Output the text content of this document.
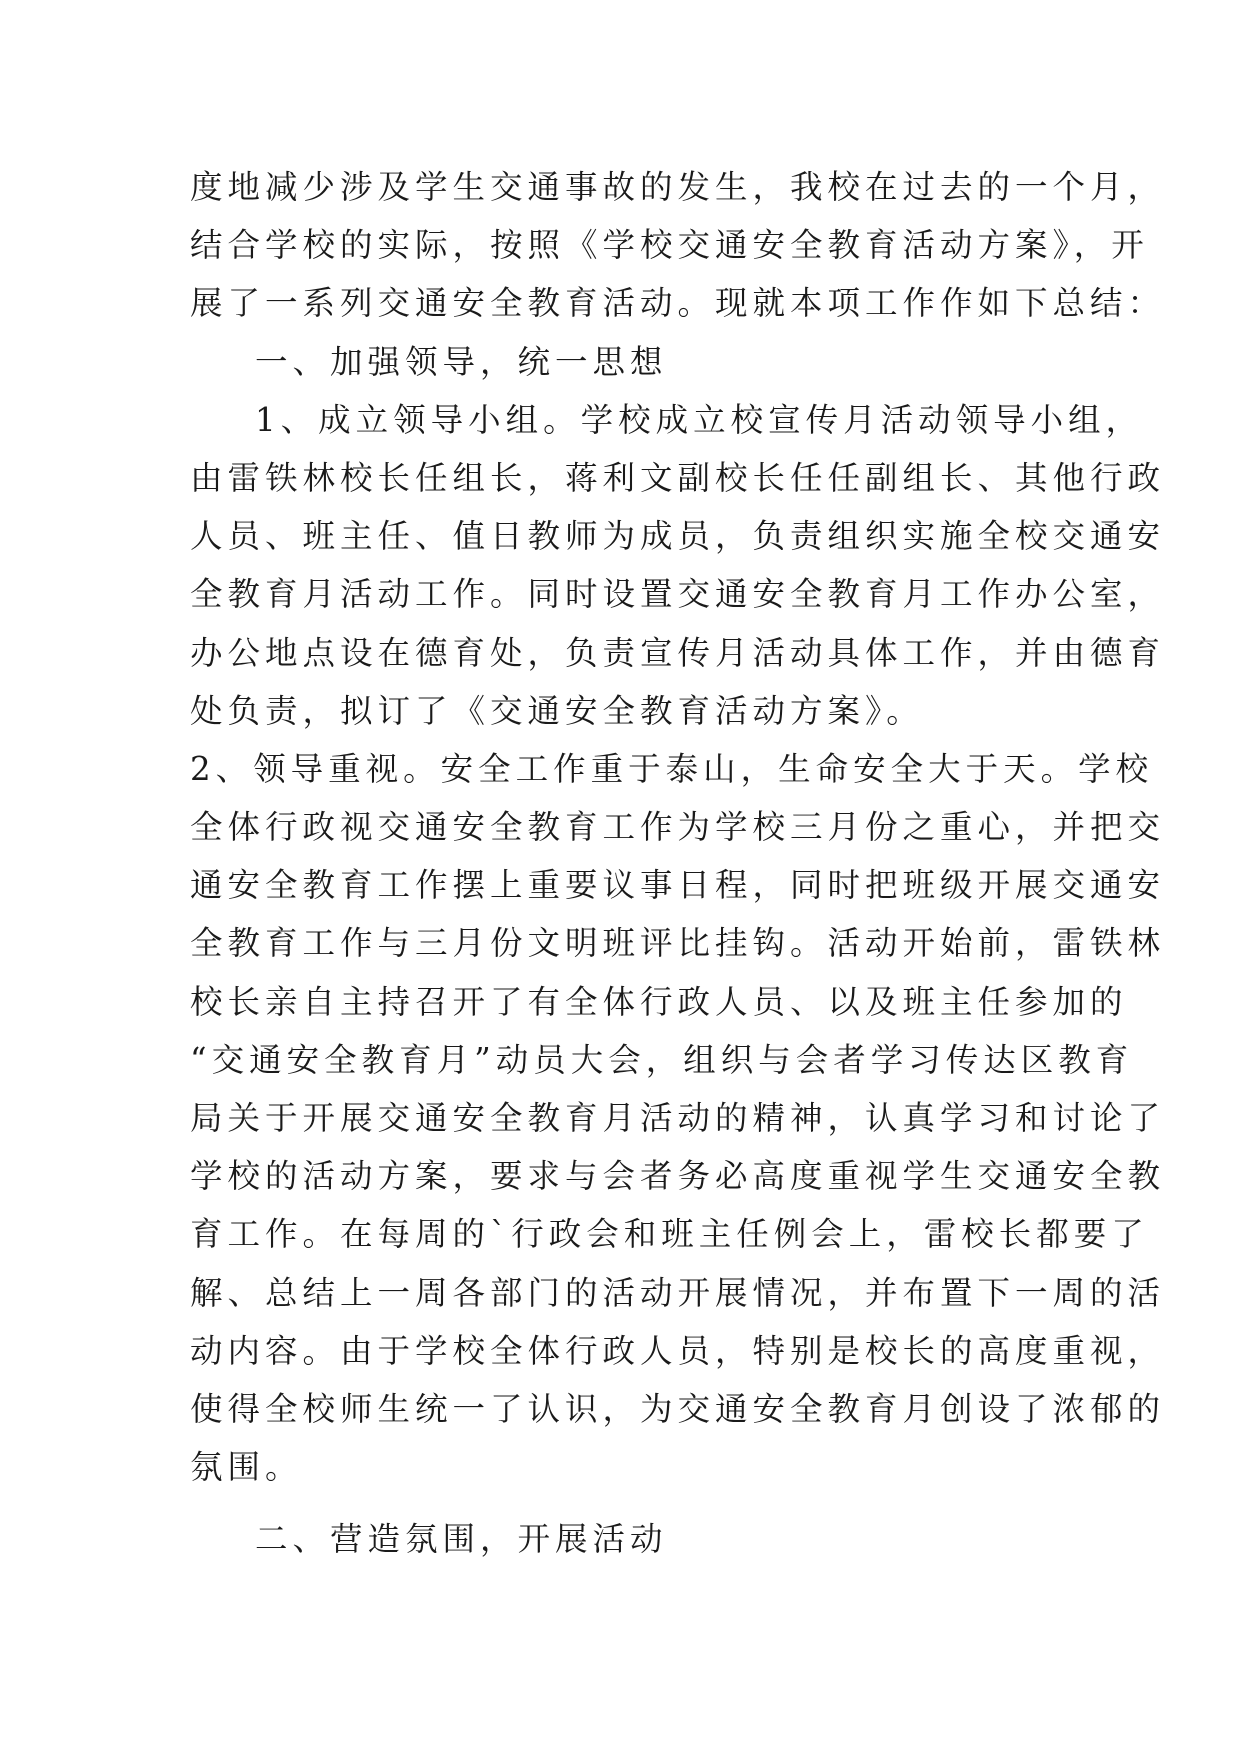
度地减少涉及学生交通事故的发生，我校在过去的一个月，
结合学校的实际，按照《学校交通安全教育活动方案》，开
展了一系列交通安全教育活动。现就本项工作作如下总结：
一、加强领导，统一思想
1、成立领导小组。学校成立校宣传月活动领导小组，
由雷铁林校长任组长，蒋利文副校长任任副组长、其他行政
人员、班主任、值日教师为成员，负责组织实施全校交通安
全教育月活动工作。同时设置交通安全教育月工作办公室，
办公地点设在德育处，负责宣传月活动具体工作，并由德育
处负责，拟订了《交通安全教育活动方案》。
2、领导重视。安全工作重于泰山，生命安全大于天。学校
全体行政视交通安全教育工作为学校三月份之重心，并把交
通安全教育工作摆上重要议事日程，同时把班级开展交通安
全教育工作与三月份文明班评比挂钩。活动开始前，雷铁林
校长亲自主持召开了有全体行政人员、以及班主任参加的
“交通安全教育月”动员大会，组织与会者学习传达区教育
局关于开展交通安全教育月活动的精神，认真学习和讨论了
学校的活动方案，要求与会者务必高度重视学生交通安全教
育工作。在每周的`行政会和班主任例会上，雷校长都要了
解、总结上一周各部门的活动开展情况，并布置下一周的活
动内容。由于学校全体行政人员，特别是校长的高度重视，
使得全校师生统一了认识，为交通安全教育月创设了浓郁的
氛围。
二、营造氛围，开展活动
